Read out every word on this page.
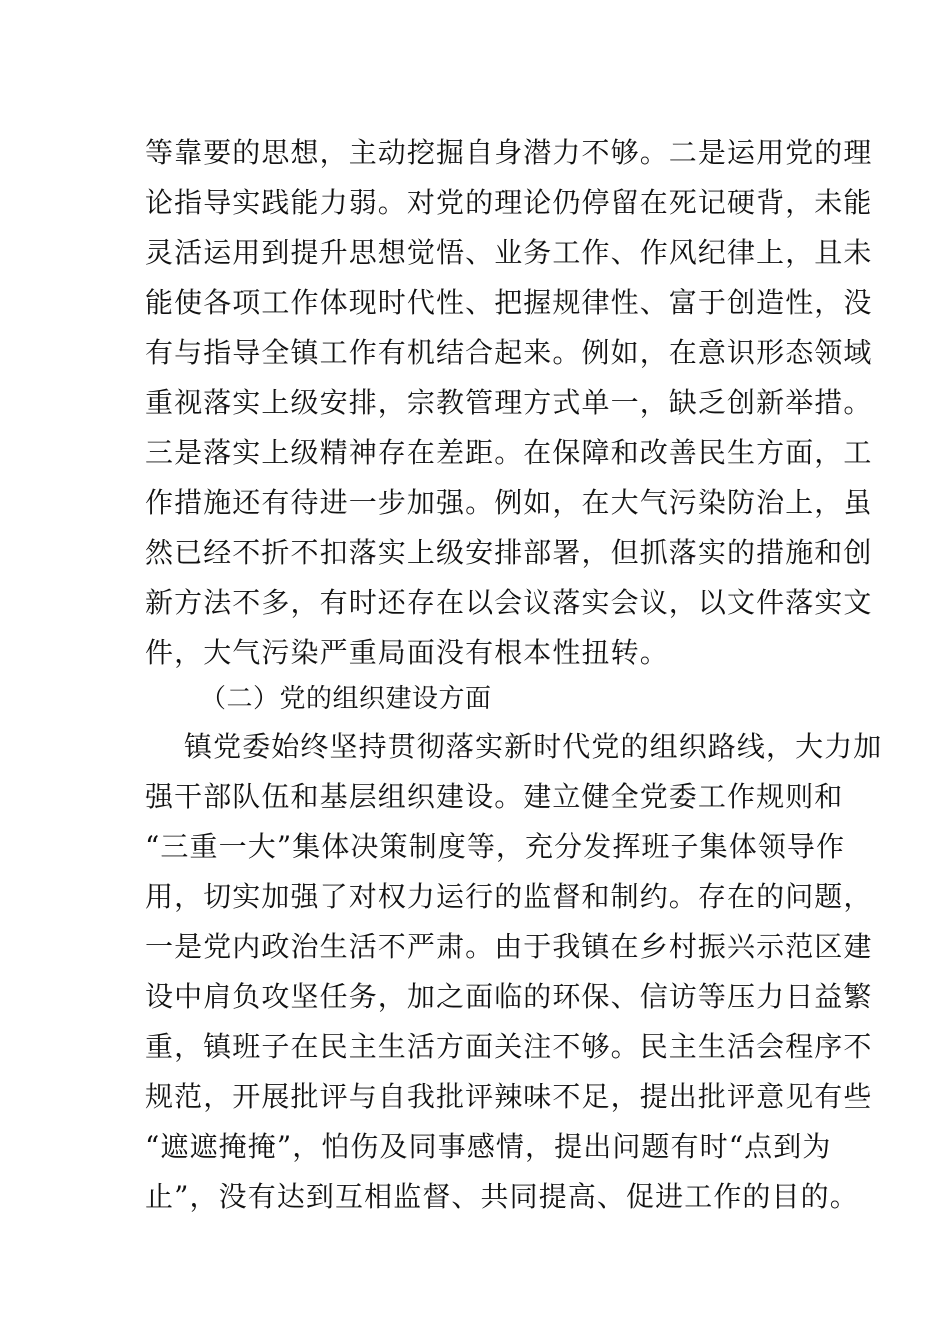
等靠要的思想，主动挖掘自身潜力不够。二是运用党的理
论指导实践能力弱。对党的理论仍停留在死记硬背，未能
灵活运用到提升思想觉悟、业务工作、作风纪律上，且未
能使各项工作体现时代性、把握规律性、富于创造性，没
有与指导全镇工作有机结合起来。例如，在意识形态领域
重视落实上级安排，宗教管理方式单一，缺乏创新举措。
三是落实上级精神存在差距。在保障和改善民生方面，工
作措施还有待进一步加强。例如，在大气污染防治上，虽
然已经不折不扣落实上级安排部署，但抓落实的措施和创
新方法不多，有时还存在以会议落实会议，以文件落实文
件，大气污染严重局面没有根本性扭转。
（二）党的组织建设方面
镇党委始终坚持贯彻落实新时代党的组织路线，大力加
强干部队伍和基层组织建设。建立健全党委工作规则和
“三重一大”集体决策制度等，充分发挥班子集体领导作
用，切实加强了对权力运行的监督和制约。存在的问题，
一是党内政治生活不严肃。由于我镇在乡村振兴示范区建
设中肩负攻坚任务，加之面临的环保、信访等压力日益繁
重，镇班子在民主生活方面关注不够。民主生活会程序不
规范，开展批评与自我批评辣味不足，提出批评意见有些
“遮遮掩掩”，怕伤及同事感情，提出问题有时“点到为
止”，没有达到互相监督、共同提高、促进工作的目的。
